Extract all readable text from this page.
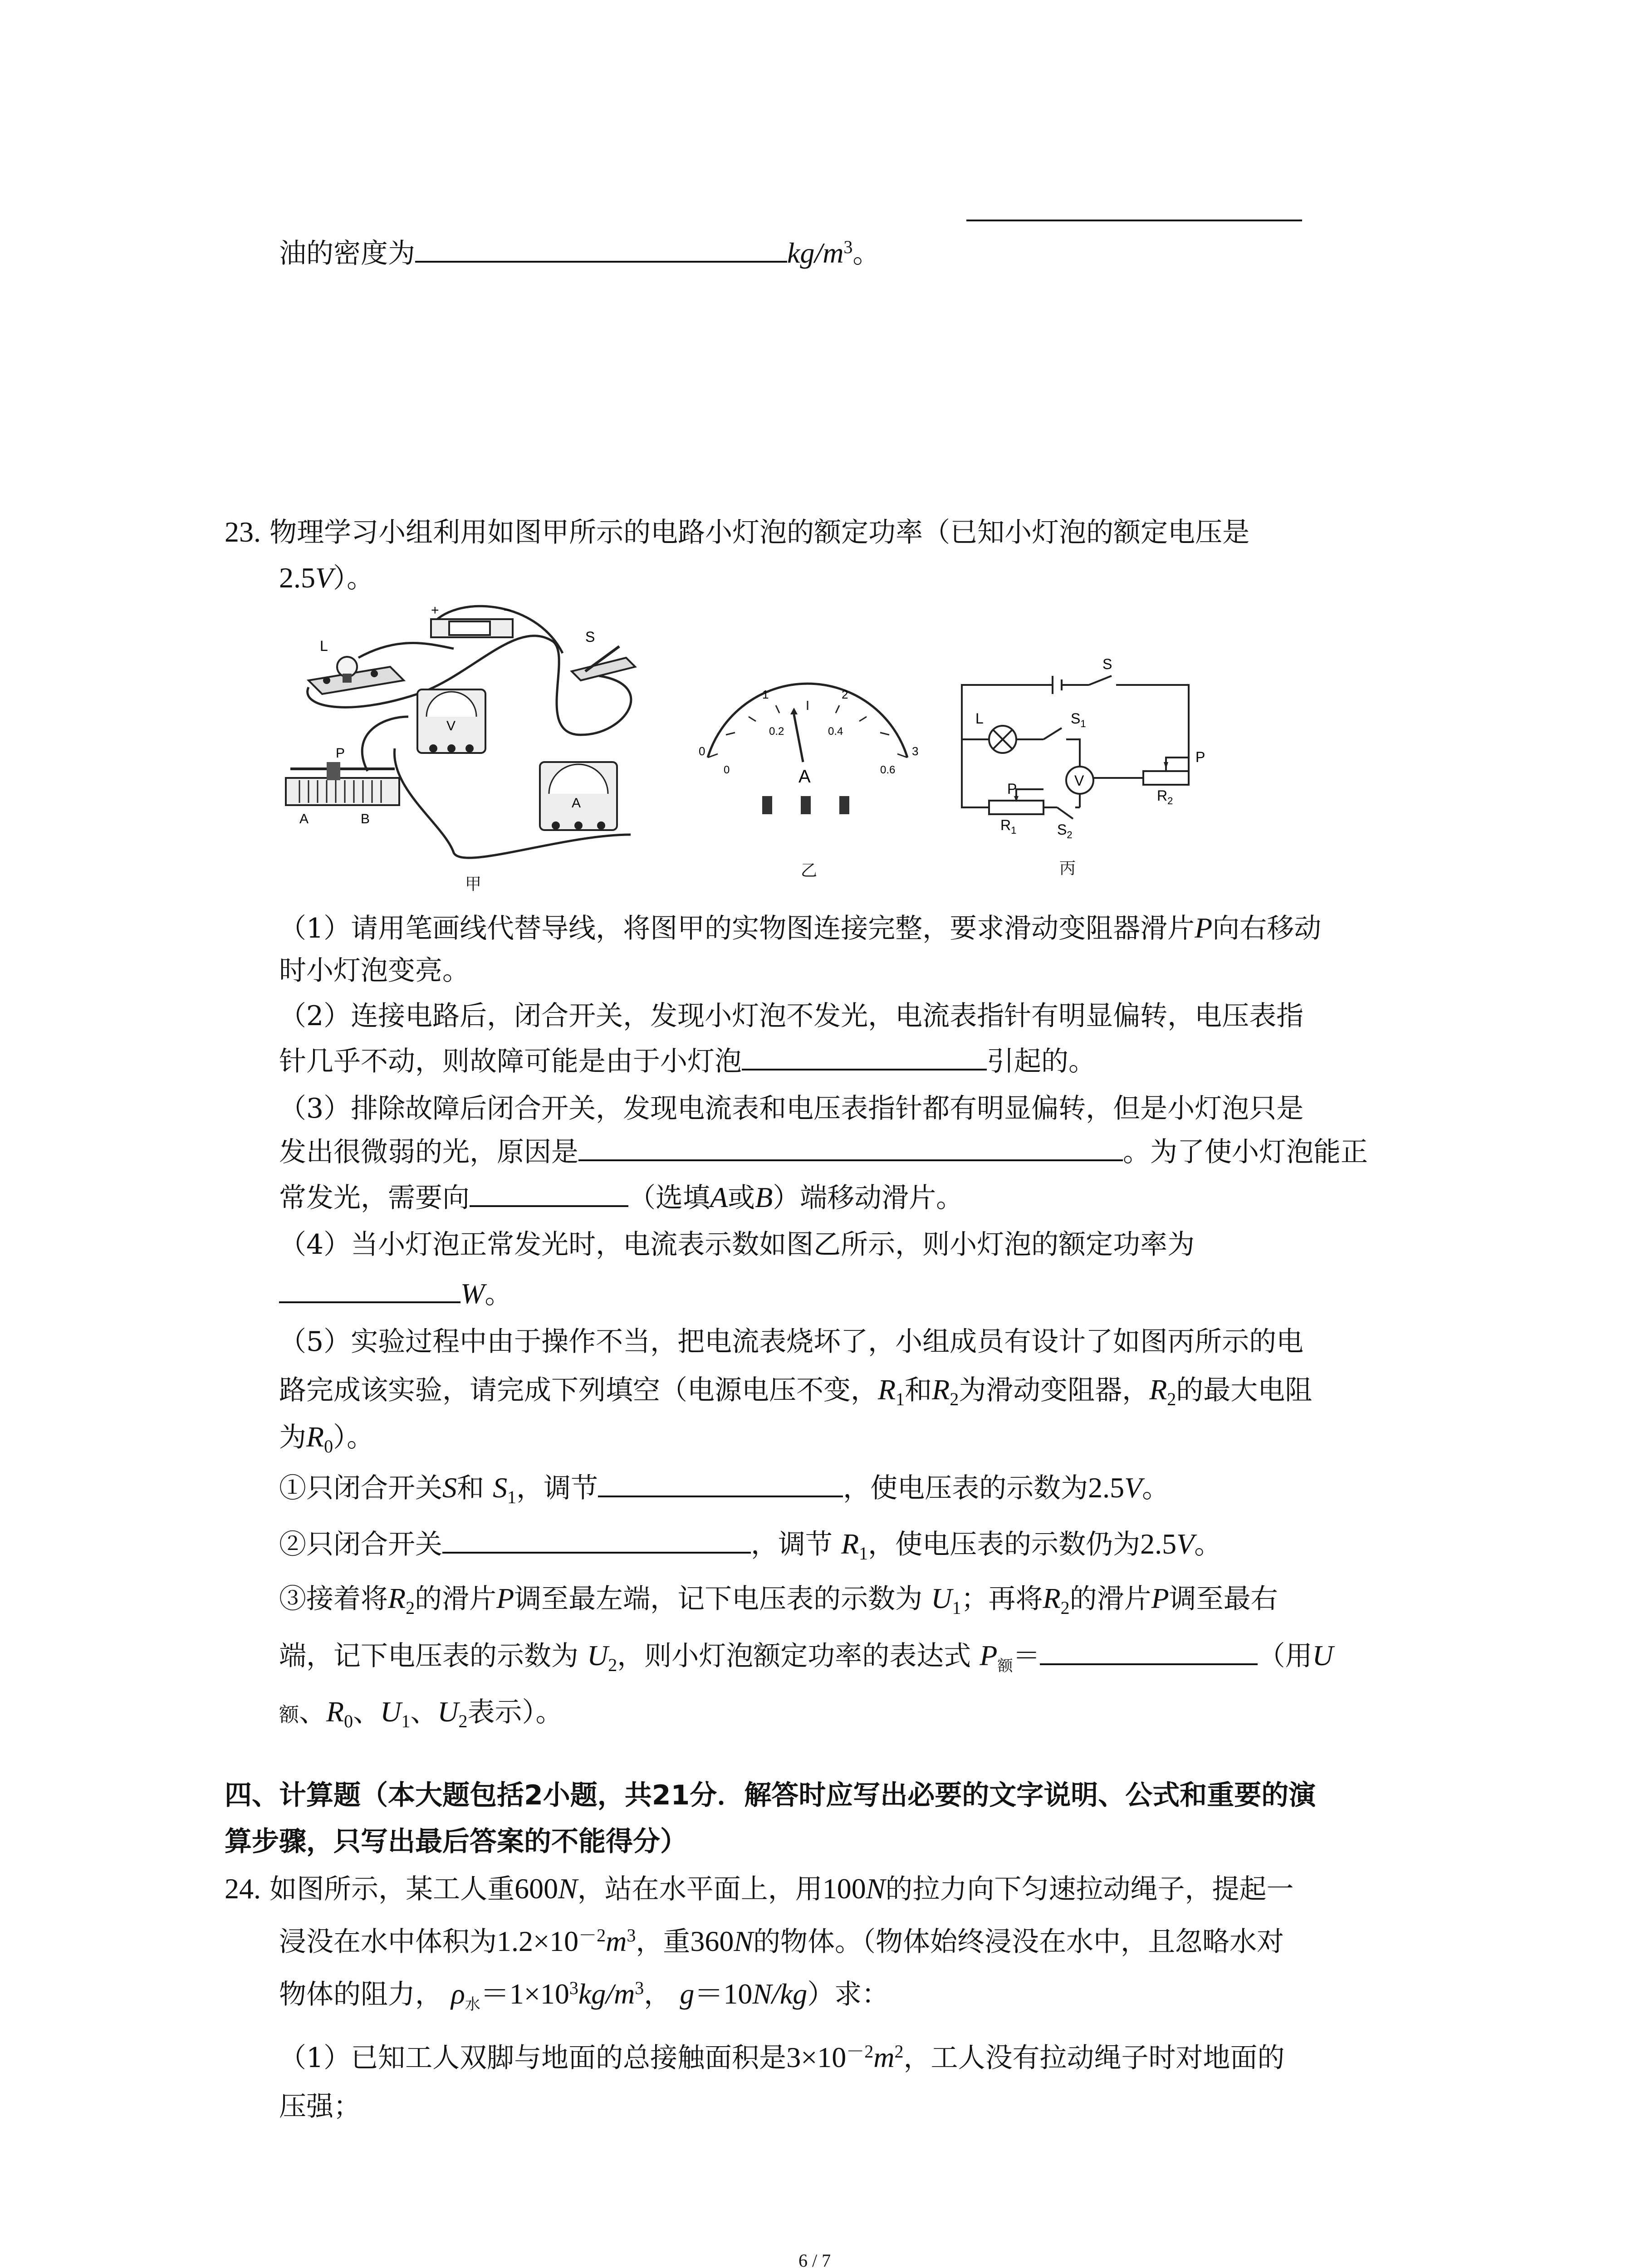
油的密度为	$kg/m^3$。
23. 物理学习小组利用如图甲所示的电路小灯泡的额定功率（已知小灯泡的额定电压是
2.5V）。
L
+	−
S
V
A
P
A	B
0
1	2
3
0
0.2	0.4
0.6
A	V
L
S
$S_1$
$S_2$
$R_1$
$R_2$
P
P
甲
乙	丙
（1）请用笔画线代替导线，将图甲的实物图连接完整，要求滑动变阻器滑片P向右移动
时小灯泡变亮。
（2）连接电路后，闭合开关，发现小灯泡不发光，电流表指针有明显偏转，电压表指
针几乎不动，则故障可能是由于小灯泡	引起的。
（3）排除故障后闭合开关，发现电流表和电压表指针都有明显偏转，但是小灯泡只是
发出很微弱的光，原因是	。为了使小灯泡能正
常发光，需要向	（选填A或B）端移动滑片。
（4）当小灯泡正常发光时，电流表示数如图乙所示，则小灯泡的额定功率为
W。
（5）实验过程中由于操作不当，把电流表烧坏了，小组成员有设计了如图丙所示的电
路完成该实验，请完成下列填空（电源电压不变，$R_1$和$R_2$为滑动变阻器，$R_2$的最大电阻
为$R_0$）。
①只闭合开关S和 $S_1$，调节	，使电压表的示数为2.5V。
②只闭合开关	，调节 $R_1$，使电压表的示数仍为2.5V。
③接着将$R_2$的滑片P调至最左端，记下电压表的示数为 $U_1$；再将$R_2$的滑片P调至最右
端，记下电压表的示数为 $U_2$，则小灯泡额定功率的表达式 $P_额=$	（用U
额、$R_0$、$U_1$、$U_2$表示）。
四、计算题（本大题包括2小题，共21分．解答时应写出必要的文字说明、公式和重要的演
算步骤，只写出最后答案的不能得分）
24. 如图所示，某工人重600N，站在水平面上，用100N的拉力向下匀速拉动绳子，提起一
浸没在水中体积为$1.2\times 10^{-2}m^3$，重360N的物体。（物体始终浸没在水中，且忽略水对
物体的阻力， $\rho_水=1\times 10^3kg/m^3$， g＝10N/kg）求：
（1）已知工人双脚与地面的总接触面积是$3\times 10^{-2}m^2$，工人没有拉动绳子时对地面的
压强；
6 / 7
